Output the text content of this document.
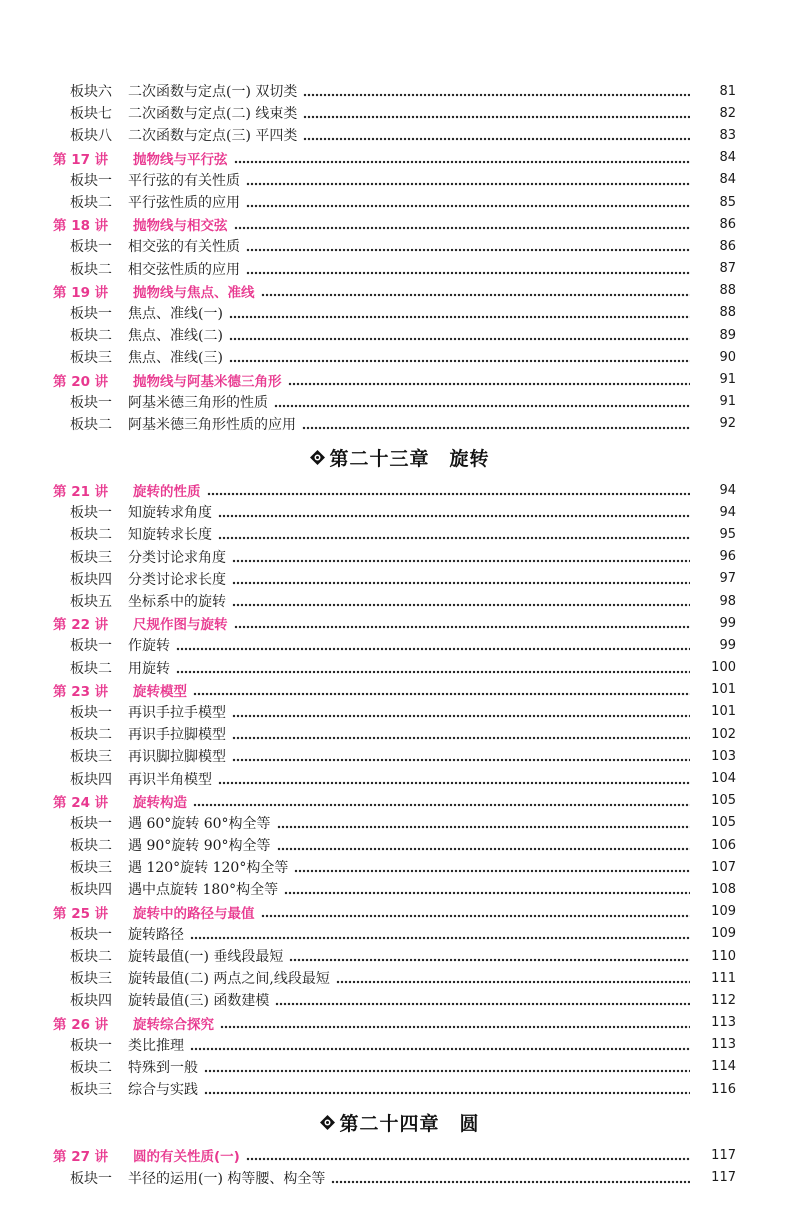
板块六	二次函数与定点(一) 双切类	81
板块七	二次函数与定点(二) 线束类	82
板块八	二次函数与定点(三) 平四类	83
第 17 讲	抛物线与平行弦	84
板块一	平行弦的有关性质	84
板块二	平行弦性质的应用	85
第 18 讲	抛物线与相交弦	86
板块一	相交弦的有关性质	86
板块二	相交弦性质的应用	87
第 19 讲	抛物线与焦点、准线	88
板块一	焦点、准线(一)	88
板块二	焦点、准线(二)	89
板块三	焦点、准线(三)	90
第 20 讲	抛物线与阿基米德三角形	91
板块一	阿基米德三角形的性质	91
板块二	阿基米德三角形性质的应用	92
第二十三章 旋转
第 21 讲	旋转的性质	94
板块一	知旋转求角度	94
板块二	知旋转求长度	95
板块三	分类讨论求角度	96
板块四	分类讨论求长度	97
板块五	坐标系中的旋转	98
第 22 讲	尺规作图与旋转	99
板块一	作旋转	99
板块二	用旋转	100
第 23 讲	旋转模型	101
板块一	再识手拉手模型	101
板块二	再识手拉脚模型	102
板块三	再识脚拉脚模型	103
板块四	再识半角模型	104
第 24 讲	旋转构造	105
板块一	遇 60°旋转 60°构全等	105
板块二	遇 90°旋转 90°构全等	106
板块三	遇 120°旋转 120°构全等	107
板块四	遇中点旋转 180°构全等	108
第 25 讲	旋转中的路径与最值	109
板块一	旋转路径	109
板块二	旋转最值(一) 垂线段最短	110
板块三	旋转最值(二) 两点之间,线段最短	111
板块四	旋转最值(三) 函数建模	112
第 26 讲	旋转综合探究	113
板块一	类比推理	113
板块二	特殊到一般	114
板块三	综合与实践	116
第二十四章 圆
第 27 讲	圆的有关性质(一)	117
板块一	半径的运用(一) 构等腰、构全等	117
